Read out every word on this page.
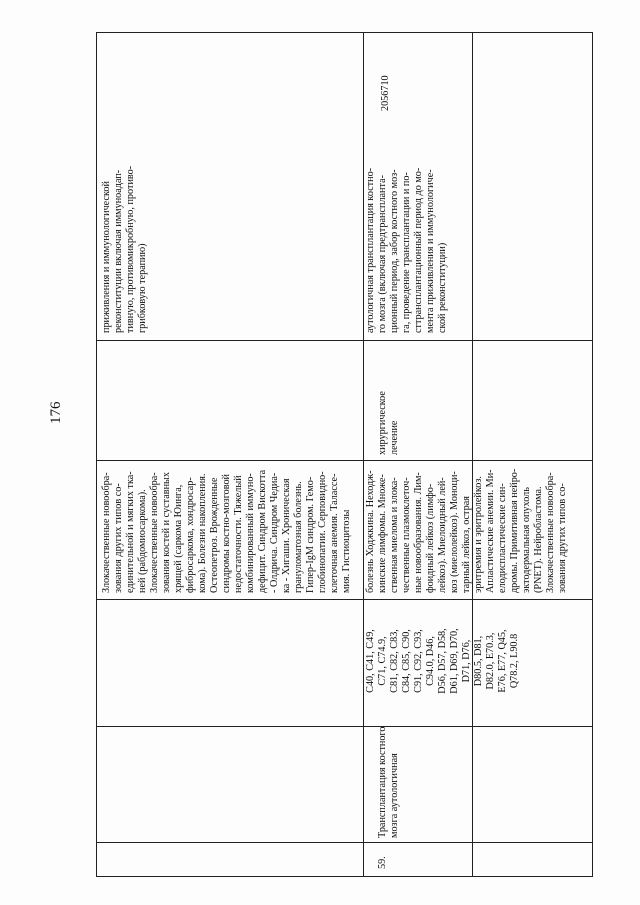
176
приживления и иммунологической
реконституции включая иммуноадап-
тивную, противомикробную, противо-
грибковую терапию)
2056710
Злокачественные новообра-
зования других типов со-
единительной и мягких тка-
ней (рабдомиосаркома).
Злокачественные новообра-
зования костей и суставных
хрящей (саркома Юинга,
фибросаркома, хондросар-
кома). Болезни накопления.
Остеопетроз. Врожденные
синдромы костно-мозговой
недостаточности. Тяжелый
комбинированный иммуно-
дефицит. Синдром Вискотта
- Олдрича. Синдром Чедиа-
ка - Хигаши. Хроническая
грануломатозная болезнь.
Гипер-IgM синдром. Гемо-
глобинопатии. Серповидно-
клеточная анемия. Талассе-
мия. Гистиоцитозы
59.
Трансплантация костного
мозга аутологичная
C40, C41, C49,
C71, C74.9,
C81, C82, C83,
C84, C85, C90,
C91, C92, C93,
C94.0, D46,
D56, D57, D58,
D61, D69, D70,
D71, D76,
D80.5, D81,
D82.0, E70.3,
E76, E77, Q45,
Q78.2, L90.8
болезнь Ходжкина. Неходж-
кинские лимфомы. Множе-
ственная миелома и злока-
чественные плазмоклеточ-
ные новообразования. Лим-
фоидный лейкоз (лимфо-
лейкоз). Миелоидный лей-
коз (миелолейкоз). Моноци-
тарный лейкоз, острая
эритремия и эритролейкоз.
Апластические анемии. Ми-
елодиспластические син-
дромы. Примитивная нейро-
эктодермальная опухоль
(PNET). Нейробластома.
Злокачественные новообра-
зования других типов со-
хирургическое
лечение
аутологичная трансплантация костно-
го мозга (включая предтранспланта-
ционный период, забор костного моз-
га, проведение трансплантации и по-
сттрансплантационный период до мо-
мента приживления и иммунологиче-
ской реконституции)
